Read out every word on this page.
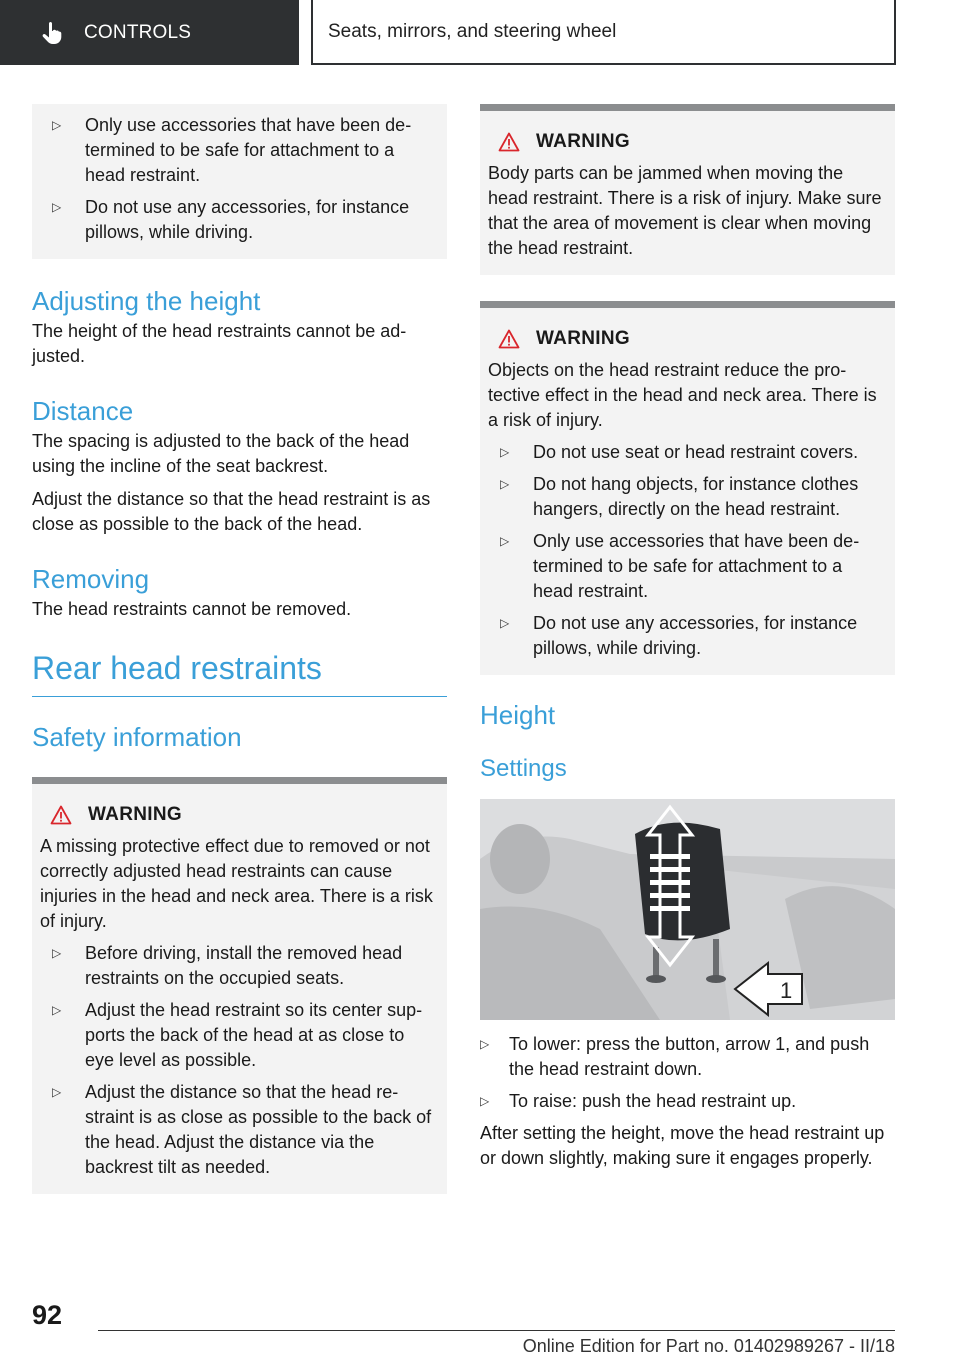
CONTROLS	Seats, mirrors, and steering wheel
▷ Only use accessories that have been de-termined to be safe for attachment to a head restraint.
▷ Do not use any accessories, for instance pillows, while driving.
Adjusting the height

The height of the head restraints cannot be ad-justed.

Distance

The spacing is adjusted to the back of the head using the incline of the seat backrest.

Adjust the distance so that the head restraint is as close as possible to the back of the head.

Removing

The head restraints cannot be removed.

Rear head restraints
Safety information
WARNING

A missing protective effect due to removed or not correctly adjusted head restraints can cause injuries in the head and neck area. There is a risk of injury.

▷ Before driving, install the removed head restraints on the occupied seats.
▷ Adjust the head restraint so its center sup-ports the back of the head at as close to eye level as possible.
▷ Adjust the distance so that the head re-straint is as close as possible to the back of the head. Adjust the distance via the backrest tilt as needed.
WARNING

Body parts can be jammed when moving the head restraint. There is a risk of injury. Make sure that the area of movement is clear when moving the head restraint.

WARNING

Objects on the head restraint reduce the pro-tective effect in the head and neck area. There is a risk of injury.

▷ Do not use seat or head restraint covers.
▷ Do not hang objects, for instance clothes hangers, directly on the head restraint.
▷ Only use accessories that have been de-termined to be safe for attachment to a head restraint.
▷ Do not use any accessories, for instance pillows, while driving.
Height
Settings
1
▷ To lower: press the button, arrow 1, and push the head restraint down.
▷ To raise: push the head restraint up.

After setting the height, move the head restraint up or down slightly, making sure it engages properly.

92
Online Edition for Part no. 01402989267 - II/18
